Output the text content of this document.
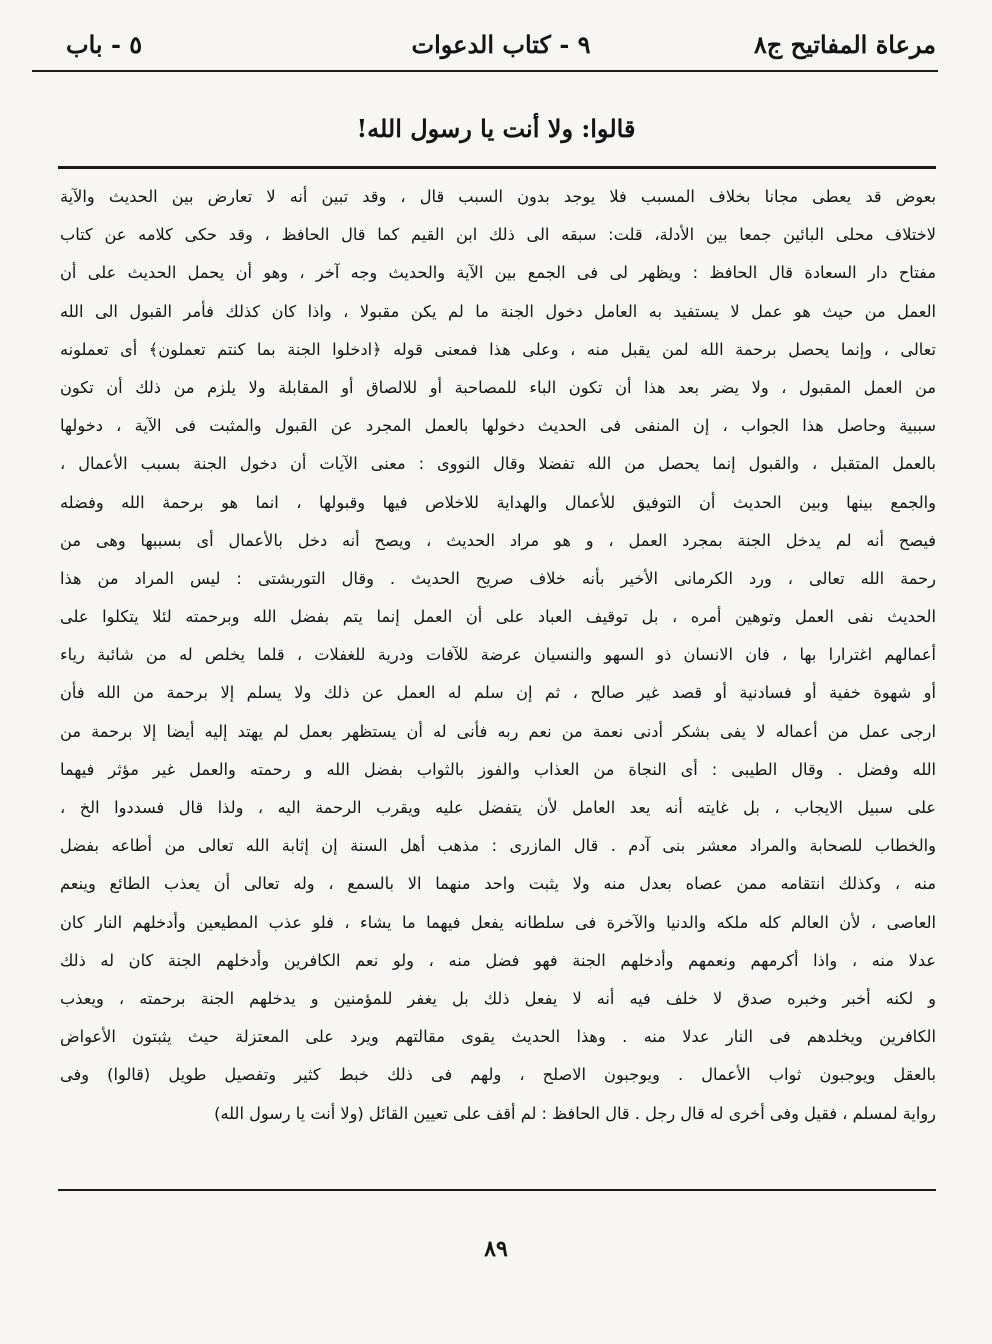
مرعاة المفاتيح ج٨
٩ - كتاب الدعوات
٥ - باب
قالوا: ولا أنت يا رسول الله!
بعوض قد يعطى مجانا بخلاف المسبب فلا يوجد بدون السبب قال ، وقد تبين أنه لا تعارض بين الحديث والآية
لاختلاف محلى البائين جمعا بين الأدلة، قلت: سبقه الى ذلك ابن القيم كما قال الحافظ ، وقد حكى كلامه عن كتاب
مفتاح دار السعادة قال الحافظ : ويظهر لى فى الجمع بين الآية والحديث وجه آخر ، وهو أن يحمل الحديث على أن
العمل من حيث هو عمل لا يستفيد به العامل دخول الجنة ما لم يكن مقبولا ، واذا كان كذلك فأمر القبول الى الله
تعالى ، وإنما يحصل برحمة الله لمن يقبل منه ، وعلى هذا فمعنى قوله ﴿ادخلوا الجنة بما كنتم تعملون﴾ أى تعملونه
من العمل المقبول ، ولا يضر بعد هذا أن تكون الباء للمصاحبة أو للالصاق أو المقابلة ولا يلزم من ذلك أن تكون
سببية وحاصل هذا الجواب ، إن المنفى فى الحديث دخولها بالعمل المجرد عن القبول والمثبت فى الآية ، دخولها
بالعمل المتقبل ، والقبول إنما يحصل من الله تفضلا وقال النووى : معنى الآيات أن دخول الجنة بسبب الأعمال ،
والجمع بينها وبين الحديث أن التوفيق للأعمال والهداية للاخلاص فيها وقبولها ، انما هو برحمة الله وفضله
فيصح أنه لم يدخل الجنة بمجرد العمل ، و هو مراد الحديث ، ويصح أنه دخل بالأعمال أى بسببها وهى من
رحمة الله تعالى ، ورد الكرمانى الأخير بأنه خلاف صريح الحديث . وقال التوربشتى : ليس المراد من هذا
الحديث نفى العمل وتوهين أمره ، بل توقيف العباد على أن العمل إنما يتم بفضل الله وبرحمته لئلا يتكلوا على
أعمالهم اغترارا بها ، فان الانسان ذو السهو والنسيان عرضة للآفات ودرية للغفلات ، قلما يخلص له من شائبة رياء
أو شهوة خفية أو فسادنية أو قصد غير صالح ، ثم إن سلم له العمل عن ذلك ولا يسلم إلا برحمة من الله فأن
ارجى عمل من أعماله لا يفى بشكر أدنى نعمة من نعم ربه فأنى له أن يستظهر بعمل لم يهتد إليه أيضا إلا برحمة من
الله وفضل . وقال الطيبى : أى النجاة من العذاب والفوز بالثواب بفضل الله و رحمته والعمل غير مؤثر فيهما
على سبيل الايجاب ، بل غايته أنه يعد العامل لأن يتفضل عليه ويقرب الرحمة اليه ، ولذا قال فسددوا الخ ،
والخطاب للصحابة والمراد معشر بنى آدم . قال المازرى : مذهب أهل السنة إن إثابة الله تعالى من أطاعه بفضل
منه ، وكذلك انتقامه ممن عصاه بعدل منه ولا يثبت واحد منهما الا بالسمع ، وله تعالى أن يعذب الطائع وينعم
العاصى ، لأن العالم كله ملكه والدنيا والآخرة فى سلطانه يفعل فيهما ما يشاء ، فلو عذب المطيعين وأدخلهم النار كان
عدلا منه ، واذا أكرمهم ونعمهم وأدخلهم الجنة فهو فضل منه ، ولو نعم الكافرين وأدخلهم الجنة كان له ذلك
و لكنه أخبر وخبره صدق لا خلف فيه أنه لا يفعل ذلك بل يغفر للمؤمنين و يدخلهم الجنة برحمته ، ويعذب
الكافرين ويخلدهم فى النار عدلا منه . وهذا الحديث يقوى مقالتهم ويرد على المعتزلة حيث يثبتون الأعواض
بالعقل ويوجبون ثواب الأعمال . ويوجبون الاصلح ، ولهم فى ذلك خبط كثير وتفصيل طويل (قالوا) وفى
رواية لمسلم ، فقيل وفى أخرى له قال رجل . قال الحافظ : لم أقف على تعيين القائل (ولا أنت يا رسول الله)
٨٩
